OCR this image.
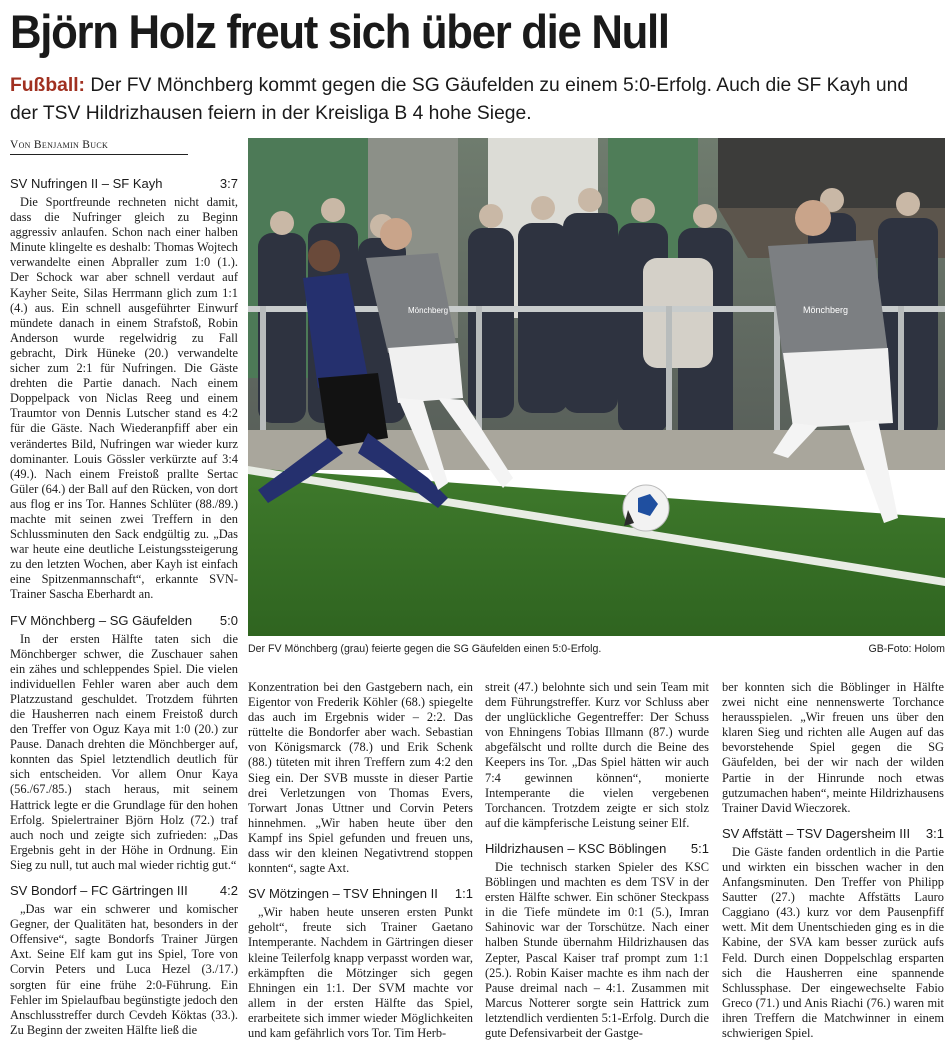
Björn Holz freut sich über die Null
Fußball: Der FV Mönchberg kommt gegen die SG Gäufelden zu einem 5:0-Erfolg. Auch die SF Kayh und der TSV Hildrizhausen feiern in der Kreisliga B 4 hohe Siege.
Von Benjamin Buck
SV Nufringen II – SF Kayh	3:7

Die Sportfreunde rechneten nicht damit, dass die Nufringer gleich zu Beginn aggressiv anlaufen. Schon nach einer halben Minute klingelte es deshalb: Thomas Wojtech verwandelte einen Abpraller zum 1:0 (1.). Der Schock war aber schnell verdaut auf Kayher Seite, Silas Herrmann glich zum 1:1 (4.) aus. Ein schnell ausgeführter Einwurf mündete danach in einem Strafstoß, Robin Anderson wurde regelwidrig zu Fall gebracht, Dirk Hüneke (20.) verwandelte sicher zum 2:1 für Nufringen. Die Gäste drehten die Partie danach. Nach einem Doppelpack von Niclas Reeg und einem Traumtor von Dennis Lutscher stand es 4:2 für die Gäste. Nach Wiederanpfiff aber ein verändertes Bild, Nufringen war wieder kurz dominanter. Louis Gössler verkürzte auf 3:4 (49.). Nach einem Freistoß prallte Sertac Güler (64.) der Ball auf den Rücken, von dort aus flog er ins Tor. Hannes Schlüter (88./89.) machte mit seinen zwei Treffern in den Schlussminuten den Sack endgültig zu. „Das war heute eine deutliche Leistungssteigerung zu den letzten Wochen, aber Kayh ist einfach eine Spitzenmannschaft“, erkannte SVN-Trainer Sascha Eberhardt an.

FV Mönchberg – SG Gäufelden 5:0

In der ersten Hälfte taten sich die Mönchberger schwer, die Zuschauer sahen ein zähes und schleppendes Spiel. Die vielen individuellen Fehler waren aber auch dem Platzzustand geschuldet. Trotzdem führten die Hausherren nach einem Freistoß durch den Treffer von Oguz Kaya mit 1:0 (20.) zur Pause. Danach drehten die Mönchberger auf, konnten das Spiel letztendlich deutlich für sich entscheiden. Vor allem Onur Kaya (56./67./85.) stach heraus, mit seinem Hattrick legte er die Grundlage für den hohen Erfolg. Spielertrainer Björn Holz (72.) traf auch noch und zeigte sich zufrieden: „Das Ergebnis geht in der Höhe in Ordnung. Ein Sieg zu null, tut auch mal wieder richtig gut.“

SV Bondorf – FC Gärtringen III 4:2

„Das war ein schwerer und komischer Gegner, der Qualitäten hat, besonders in der Offensive“, sagte Bondorfs Trainer Jürgen Axt. Seine Elf kam gut ins Spiel, Tore von Corvin Peters und Luca Hezel (3./17.) sorgten für eine frühe 2:0-Führung. Ein Fehler im Spielaufbau begünstigte jedoch den Anschlusstreffer durch Cevdeh Köktas (33.). Zu Beginn der zweiten Hälfte ließ die

Mönchberg	Mönchberg
Der FV Mönchberg (grau) feierte gegen die SG Gäufelden einen 5:0-Erfolg.	GB-Foto: Holom

Konzentration bei den Gastgebern nach, ein Eigentor von Frederik Köhler (68.) spiegelte das auch im Ergebnis wider – 2:2. Das rüttelte die Bondorfer aber wach. Sebastian von Königsmarck (78.) und Erik Schenk (88.) tüteten mit ihren Treffern zum 4:2 den Sieg ein. Der SVB musste in dieser Partie drei Verletzungen von Thomas Evers, Torwart Jonas Uttner und Corvin Peters hinnehmen. „Wir haben heute über den Kampf ins Spiel gefunden und freuen uns, dass wir den kleinen Negativtrend stoppen konnten“, sagte Axt.

SV Mötzingen – TSV Ehningen II 1:1

„Wir haben heute unseren ersten Punkt geholt“, freute sich Trainer Gaetano Intemperante. Nachdem in Gärtringen dieser kleine Teilerfolg knapp verpasst worden war, erkämpften die Mötzinger sich gegen Ehningen ein 1:1. Der SVM machte vor allem in der ersten Hälfte das Spiel, erarbeitete sich immer wieder Möglichkeiten und kam gefährlich vors Tor. Tim Herb-

streit (47.) belohnte sich und sein Team mit dem Führungstreffer. Kurz vor Schluss aber der unglückliche Gegentreffer: Der Schuss von Ehningens Tobias Illmann (87.) wurde abgefälscht und rollte durch die Beine des Keepers ins Tor. „Das Spiel hätten wir auch 7:4 gewinnen können“, monierte Intemperante die vielen vergebenen Torchancen. Trotzdem zeigte er sich stolz auf die kämpferische Leistung seiner Elf.

Hildrizhausen – KSC Böblingen 5:1

Die technisch starken Spieler des KSC Böblingen und machten es dem TSV in der ersten Hälfte schwer. Ein schöner Steckpass in die Tiefe mündete im 0:1 (5.), Imran Sahinovic war der Torschütze. Nach einer halben Stunde übernahm Hildrizhausen das Zepter, Pascal Kaiser traf prompt zum 1:1 (25.). Robin Kaiser machte es ihm nach der Pause dreimal nach – 4:1. Zusammen mit Marcus Notterer sorgte sein Hattrick zum letztendlich verdienten 5:1-Erfolg. Durch die gute Defensivarbeit der Gastge-

ber konnten sich die Böblinger in Hälfte zwei nicht eine nennenswerte Torchance herausspielen. „Wir freuen uns über den klaren Sieg und richten alle Augen auf das bevorstehende Spiel gegen die SG Gäufelden, bei der wir nach der wilden Partie in der Hinrunde noch etwas gutzumachen haben“, meinte Hildrizhausens Trainer David Wieczorek.

SV Affstätt – TSV Dagersheim III 3:1

Die Gäste fanden ordentlich in die Partie und wirkten ein bisschen wacher in den Anfangsminuten. Den Treffer von Philipp Sautter (27.) machte Affstätts Lauro Caggiano (43.) kurz vor dem Pausenpfiff wett. Mit dem Unentschieden ging es in die Kabine, der SVA kam besser zurück aufs Feld. Durch einen Doppelschlag ersparten sich die Hausherren eine spannende Schlussphase. Der eingewechselte Fabio Greco (71.) und Anis Riachi (76.) waren mit ihren Treffern die Matchwinner in einem schwierigen Spiel.
